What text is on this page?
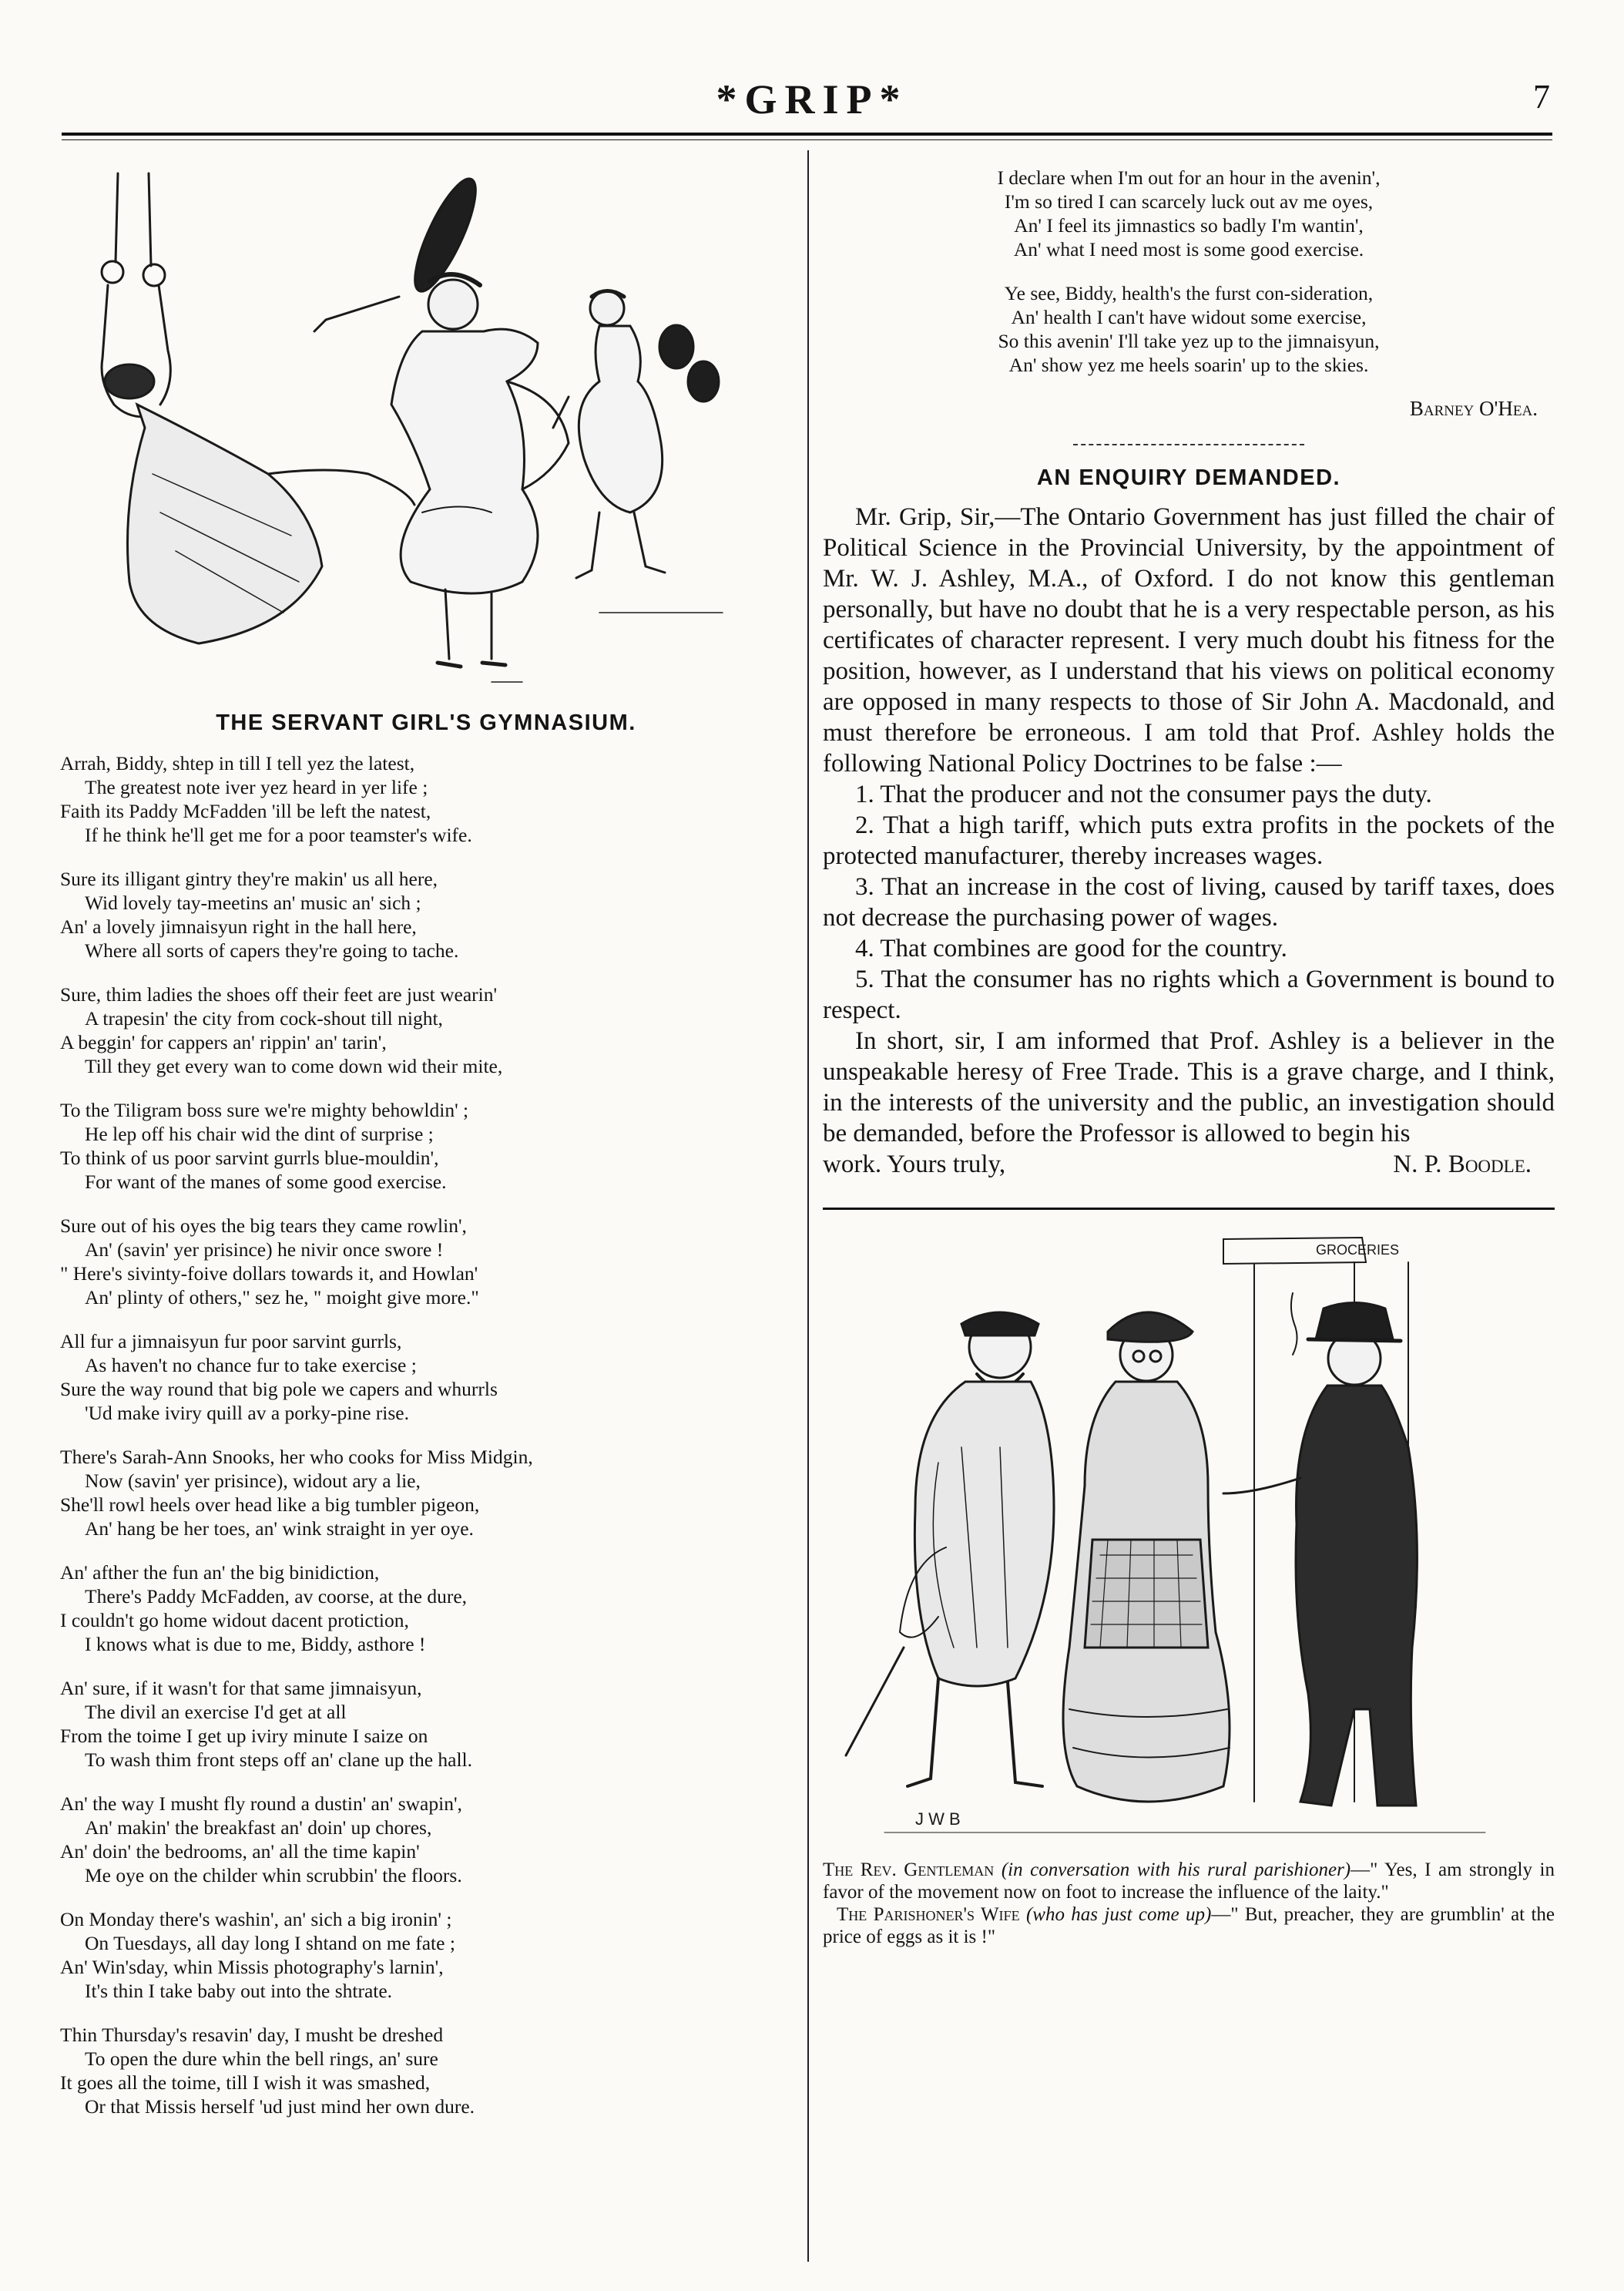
*GRIP*	7
THE SERVANT GIRL'S GYMNASIUM.
Arrah, Biddy, shtep in till I tell yez the latest,
The greatest note iver yez heard in yer life ;
Faith its Paddy McFadden 'ill be left the natest,
If he think he'll get me for a poor teamster's wife.
Sure its illigant gintry they're makin' us all here,
Wid lovely tay-meetins an' music an' sich ;
An' a lovely jimnaisyun right in the hall here,
Where all sorts of capers they're going to tache.
Sure, thim ladies the shoes off their feet are just wearin'
A trapesin' the city from cock-shout till night,
A beggin' for cappers an' rippin' an' tarin',
Till they get every wan to come down wid their mite,
To the Tiligram boss sure we're mighty behowldin' ;
He lep off his chair wid the dint of surprise ;
To think of us poor sarvint gurrls blue-mouldin',
For want of the manes of some good exercise.
Sure out of his oyes the big tears they came rowlin',
An' (savin' yer prisince) he nivir once swore !
" Here's sivinty-foive dollars towards it, and Howlan'
An' plinty of others," sez he, " moight give more."
All fur a jimnaisyun fur poor sarvint gurrls,
As haven't no chance fur to take exercise ;
Sure the way round that big pole we capers and whurrls
'Ud make iviry quill av a porky-pine rise.
There's Sarah-Ann Snooks, her who cooks for Miss Midgin,
Now (savin' yer prisince), widout ary a lie,
She'll rowl heels over head like a big tumbler pigeon,
An' hang be her toes, an' wink straight in yer oye.
An' afther the fun an' the big binidiction,
There's Paddy McFadden, av coorse, at the dure,
I couldn't go home widout dacent protiction,
I knows what is due to me, Biddy, asthore !
An' sure, if it wasn't for that same jimnaisyun,
The divil an exercise I'd get at all
From the toime I get up iviry minute I saize on
To wash thim front steps off an' clane up the hall.
An' the way I musht fly round a dustin' an' swapin',
An' makin' the breakfast an' doin' up chores,
An' doin' the bedrooms, an' all the time kapin'
Me oye on the childer whin scrubbin' the floors.
On Monday there's washin', an' sich a big ironin' ;
On Tuesdays, all day long I shtand on me fate ;
An' Win'sday, whin Missis photography's larnin',
It's thin I take baby out into the shtrate.
Thin Thursday's resavin' day, I musht be dreshed
To open the dure whin the bell rings, an' sure
It goes all the toime, till I wish it was smashed,
Or that Missis herself 'ud just mind her own dure.
I declare when I'm out for an hour in the avenin',
I'm so tired I can scarcely luck out av me oyes,
An' I feel its jimnastics so badly I'm wantin',
An' what I need most is some good exercise.
Ye see, Biddy, health's the furst con-sideration,
An' health I can't have widout some exercise,
So this avenin' I'll take yez up to the jimnaisyun,
An' show yez me heels soarin' up to the skies.
Barney O'Hea.
AN ENQUIRY DEMANDED.

Mr. Grip, Sir,—The Ontario Government has just filled the chair of Political Science in the Provincial University, by the appointment of Mr. W. J. Ashley, M.A., of Oxford. I do not know this gentleman personally, but have no doubt that he is a very respectable person, as his certificates of character represent. I very much doubt his fitness for the position, however, as I understand that his views on political economy are opposed in many respects to those of Sir John A. Macdonald, and must therefore be erroneous. I am told that Prof. Ashley holds the following National Policy Doctrines to be false :—

1. That the producer and not the consumer pays the duty.

2. That a high tariff, which puts extra profits in the pockets of the protected manufacturer, thereby increases wages.

3. That an increase in the cost of living, caused by tariff taxes, does not decrease the purchasing power of wages.

4. That combines are good for the country.

5. That the consumer has no rights which a Government is bound to respect.

In short, sir, I am informed that Prof. Ashley is a believer in the unspeakable heresy of Free Trade. This is a grave charge, and I think, in the interests of the university and the public, an investigation should be demanded, before the Professor is allowed to begin his

work. Yours truly,	N. P. Boodle.
GROCERIES
J W B

The Rev. Gentleman (in conversation with his rural parishioner)—" Yes, I am strongly in favor of the movement now on foot to increase the influence of the laity."

The Parishoner's Wife (who has just come up)—" But, preacher, they are grumblin' at the price of eggs as it is !"
